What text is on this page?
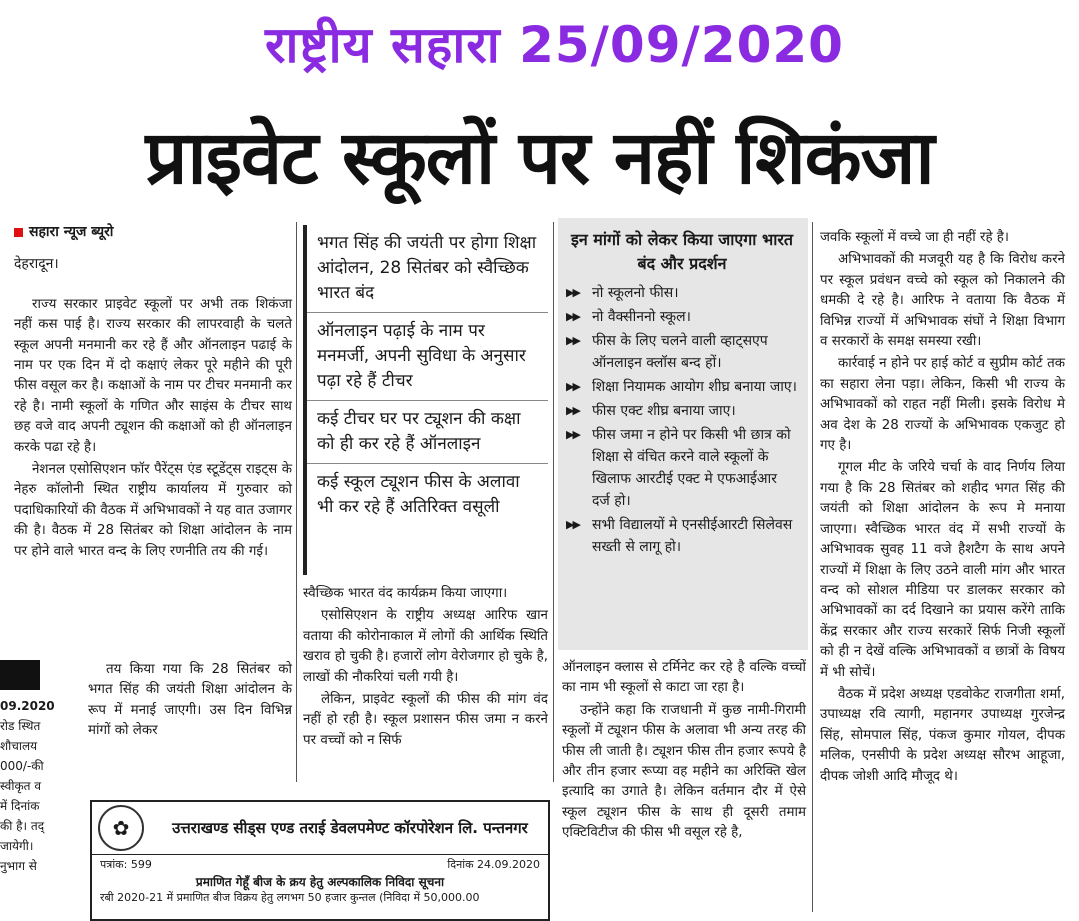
राष्ट्रीय सहारा 25/09/2020
प्राइवेट स्कूलों पर नहीं शिकंजा
सहारा न्यूज ब्यूरो
देहरादून।

राज्य सरकार प्राइवेट स्कूलों पर अभी तक शिकंजा नहीं कस पाई है। राज्य सरकार की लापरवाही के चलते स्कूल अपनी मनमानी कर रहे हैं और ऑनलाइन पढाई के नाम पर एक दिन में दो कक्षाएं लेकर पूरे महीने की पूरी फीस वसूल कर है। कक्षाओं के नाम पर टीचर मनमानी कर रहे है। नामी स्कूलों के गणित और साइंस के टीचर साथ छह वजे वाद अपनी ट्यूशन की कक्षाओं को ही ऑनलाइन करके पढा रहे है।

नेशनल एसोसिएशन फॉर पैरेंट्स एंड स्टूडेंट्स राइट्स के नेहरु कॉलोनी स्थित राष्ट्रीय कार्यालय में गुरुवार को पदाधिकारियों की वैठक में अभिभावकों ने यह वात उजागर की है। वैठक में 28 सितंबर को शिक्षा आंदोलन के नाम पर होने वाले भारत वन्द के लिए रणनीति तय की गई।

तय किया गया कि 28 सितंबर को भगत सिंह की जयंती शिक्षा आंदोलन के रूप में मनाई जाएगी। उस दिन विभिन्न मांगों को लेकर

09.2020
रोड स्थित
शौचालय
000/-की
स्वीकृत व
में दिनांक
की है। तद्
जायेगी।
नुभाग से
भगत सिंह की जयंती पर होगा शिक्षा आंदोलन, 28 सितंबर को स्वैच्छिक भारत बंद
ऑनलाइन पढ़ाई के नाम पर मनमर्जी, अपनी सुविधा के अनुसार पढ़ा रहे हैं टीचर
कई टीचर घर पर ट्यूशन की कक्षा को ही कर रहे हैं ऑनलाइन
कई स्कूल ट्यूशन फीस के अलावा भी कर रहे हैं अतिरिक्त वसूली

स्वैच्छिक भारत वंद कार्यक्रम किया जाएगा।

एसोसिएशन के राष्ट्रीय अध्यक्ष आरिफ खान वताया की कोरोनाकाल में लोगों की आर्थिक स्थिति खराव हो चुकी है। हजारों लोग वेरोजगार हो चुके है, लाखों की नौकरियां चली गयी है।

लेकिन, प्राइवेट स्कूलों की फीस की मांग वंद नहीं हो रही है। स्कूल प्रशासन फीस जमा न करने पर वच्चों को न सिर्फ

इन मांगों को लेकर किया जाएगा भारत बंद और प्रदर्शन
▶▶ नो स्कूलनो फीस।
▶▶ नो वैक्सीननो स्कूल।
▶▶ फीस के लिए चलने वाली व्हाट्सएप ऑनलाइन क्लॉस बन्द हों।
▶▶ शिक्षा नियामक आयोग शीघ्र बनाया जाए।
▶▶ फीस एक्ट शीघ्र बनाया जाए।
▶▶ फीस जमा न होने पर किसी भी छात्र को शिक्षा से वंचित करने वाले स्कूलों के खिलाफ आरटीई एक्ट मे एफआईआर दर्ज हो।
▶▶ सभी विद्यालयों मे एनसीईआरटी सिलेवस सख्ती से लागू हो।

ऑनलाइन क्लास से टर्मिनेट कर रहे है वल्कि वच्चों का नाम भी स्कूलों से काटा जा रहा है।

उन्होंने कहा कि राजधानी में कुछ नामी-गिरामी स्कूलों में ट्यूशन फीस के अलावा भी अन्य तरह की फीस ली जाती है। ट्यूशन फीस तीन हजार रूपये है और तीन हजार रूप्या वह महीने का अरिक्ति खेल इत्यादि का उगाते है। लेकिन वर्तमान दौर में ऐसे स्कूल ट्यूशन फीस के साथ ही दूसरी तमाम एक्टिविटीज की फीस भी वसूल रहे है,

जवकि स्कूलों में वच्चे जा ही नहीं रहे है।

अभिभावकों की मजवूरी यह है कि विरोध करने पर स्कूल प्रवंधन वच्चे को स्कूल को निकालने की धमकी दे रहे है। आरिफ ने वताया कि वैठक में विभिन्न राज्यों में अभिभावक संघों ने शिक्षा विभाग व सरकारों के समक्ष समस्या रखी।

कार्रवाई न होने पर हाई कोर्ट व सुप्रीम कोर्ट तक का सहारा लेना पड़ा। लेकिन, किसी भी राज्य के अभिभावकों को राहत नहीं मिली। इसके विरोध मे अव देश के 28 राज्यों के अभिभावक एकजुट हो गए है।

गूगल मीट के जरिये चर्चा के वाद निर्णय लिया गया है कि 28 सितंबर को शहीद भगत सिंह की जयंती को शिक्षा आंदोलन के रूप मे मनाया जाएगा। स्वैच्छिक भारत वंद में सभी राज्यों के अभिभावक सुवह 11 वजे हैशटैग के साथ अपने राज्यों में शिक्षा के लिए उठने वाली मांग और भारत वन्द को सोशल मीडिया पर डालकर सरकार को अभिभावकों का दर्द दिखाने का प्रयास करेंगे ताकि केंद्र सरकार और राज्य सरकारें सिर्फ निजी स्कूलों को ही न देखें वल्कि अभिभावकों व छात्रों के विषय में भी सोचें।

वैठक में प्रदेश अध्यक्ष एडवोकेट राजगीता शर्मा, उपाध्यक्ष रवि त्यागी, महानगर उपाध्यक्ष गुरजेन्द्र सिंह, सोमपाल सिंह, पंकज कुमार गोयल, दीपक मलिक, एनसीपी के प्रदेश अध्यक्ष सौरभ आहूजा, दीपक जोशी आदि मौजूद थे।

✿	उत्तराखण्ड सीड्स एण्ड तराई डेवलपमेण्ट कॉरपोरेशन लि. पन्तनगर
पत्रांक: 599	दिनांक 24.09.2020
प्रमाणित गेहूँ बीज के क्रय हेतु अल्पकालिक निविदा सूचना
रबी 2020-21 में प्रमाणित बीज विक्रय हेतु लगभग 50 हजार कुन्तल (निविदा में 50,000.00
